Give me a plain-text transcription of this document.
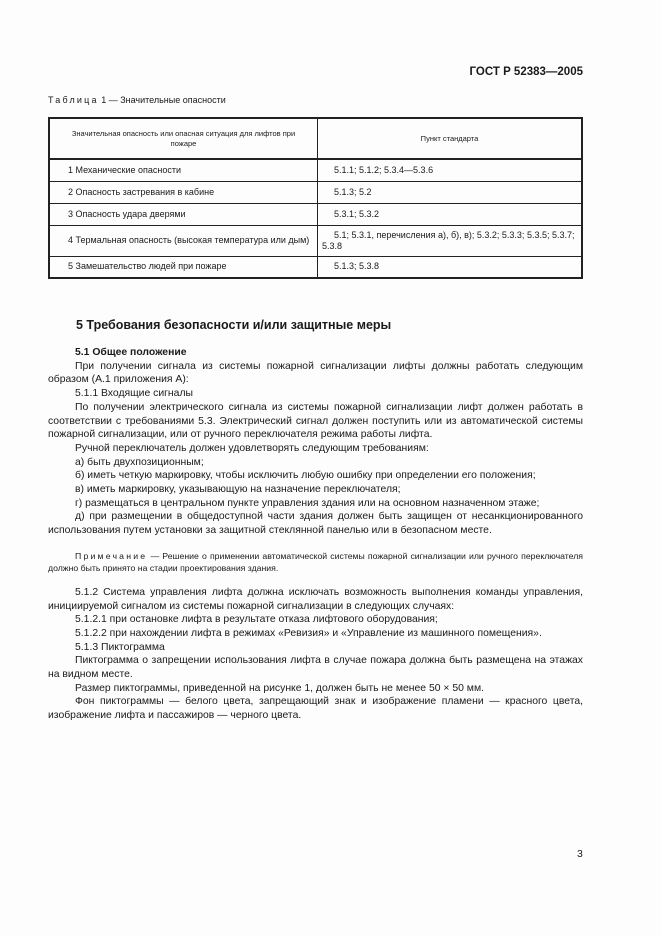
ГОСТ Р 52383—2005
Таблица 1 — Значительные опасности
Значительная опасность или опасная ситуация для лифтов при пожаре	Пункт стандарта
1 Механические опасности	5.1.1; 5.1.2; 5.3.4—5.3.6
2 Опасность застревания в кабине	5.1.3; 5.2
3 Опасность удара дверями	5.3.1; 5.3.2
4 Термальная опасность (высокая температура или дым)	5.1; 5.3.1, перечисления а), б), в); 5.3.2; 5.3.3; 5.3.5; 5.3.7; 5.3.8
5 Замешательство людей при пожаре	5.1.3; 5.3.8
5 Требования безопасности и/или защитные меры

5.1 Общее положение

При получении сигнала из системы пожарной сигнализации лифты должны работать следующим образом (А.1 приложения А):

5.1.1 Входящие сигналы

По получении электрического сигнала из системы пожарной сигнализации лифт должен работать в соответствии с требованиями 5.3. Электрический сигнал должен поступить или из автоматической системы пожарной сигнализации, или от ручного переключателя режима работы лифта.

Ручной переключатель должен удовлетворять следующим требованиям:

а) быть двухпозиционным;

б) иметь четкую маркировку, чтобы исключить любую ошибку при определении его положения;

в) иметь маркировку, указывающую на назначение переключателя;

г) размещаться в центральном пункте управления здания или на основном назначенном этаже;

д) при размещении в общедоступной части здания должен быть защищен от несанкционированного использования путем установки за защитной стеклянной панелью или в безопасном месте.

Примечание — Решение о применении автоматической системы пожарной сигнализации или ручного переключателя должно быть принято на стадии проектирования здания.

5.1.2 Система управления лифта должна исключать возможность выполнения команды управления, инициируемой сигналом из системы пожарной сигнализации в следующих случаях:

5.1.2.1 при остановке лифта в результате отказа лифтового оборудования;

5.1.2.2 при нахождении лифта в режимах «Ревизия» и «Управление из машинного помещения».

5.1.3 Пиктограмма

Пиктограмма о запрещении использования лифта в случае пожара должна быть размещена на этажах на видном месте.

Размер пиктограммы, приведенной на рисунке 1, должен быть не менее 50 × 50 мм.

Фон пиктограммы — белого цвета, запрещающий знак и изображение пламени — красного цвета, изображение лифта и пассажиров — черного цвета.

3
